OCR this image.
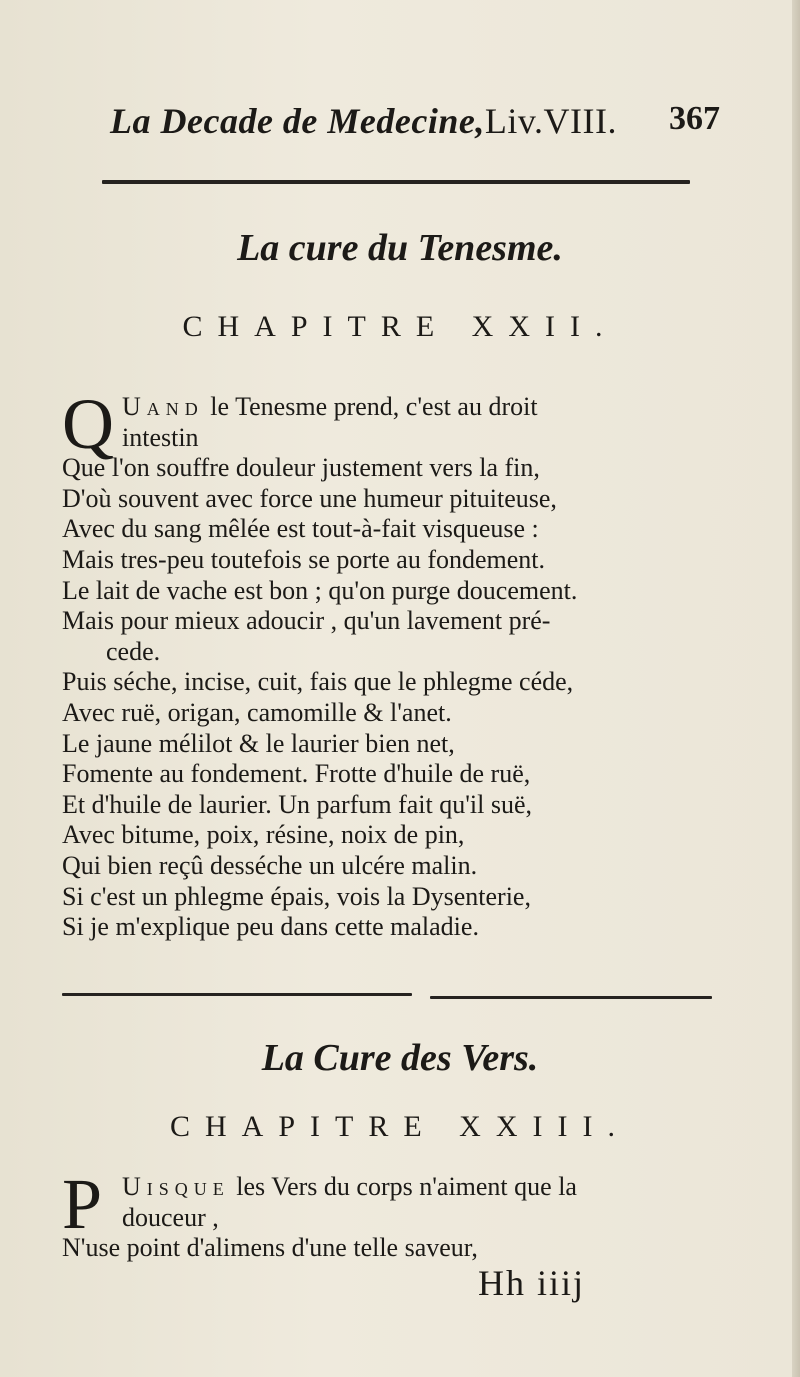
La Decade de Medecine,Liv.VIII. 367
La cure du Tenesme.
CHAPITRE XXII.
Q Uand le Tenesme prend, c'est au droit
intestin
Que l'on souffre douleur justement vers la fin,
D'où souvent avec force une humeur pituiteuse,
Avec du sang mêlée est tout-à-fait visqueuse :
Mais tres-peu toutefois se porte au fondement.
Le lait de vache est bon ; qu'on purge doucement.
Mais pour mieux adoucir , qu'un lavement pré-
cede.
Puis séche, incise, cuit, fais que le phlegme céde,
Avec ruë, origan, camomille & l'anet.
Le jaune mélilot & le laurier bien net,
Fomente au fondement. Frotte d'huile de ruë,
Et d'huile de laurier. Un parfum fait qu'il suë,
Avec bitume, poix, résine, noix de pin,
Qui bien reçû desséche un ulcére malin.
Si c'est un phlegme épais, vois la Dysenterie,
Si je m'explique peu dans cette maladie.
La Cure des Vers.
CHAPITRE XXIII.
P Uisque les Vers du corps n'aiment que la
douceur ,
N'use point d'alimens d'une telle saveur,
Hh iiij
